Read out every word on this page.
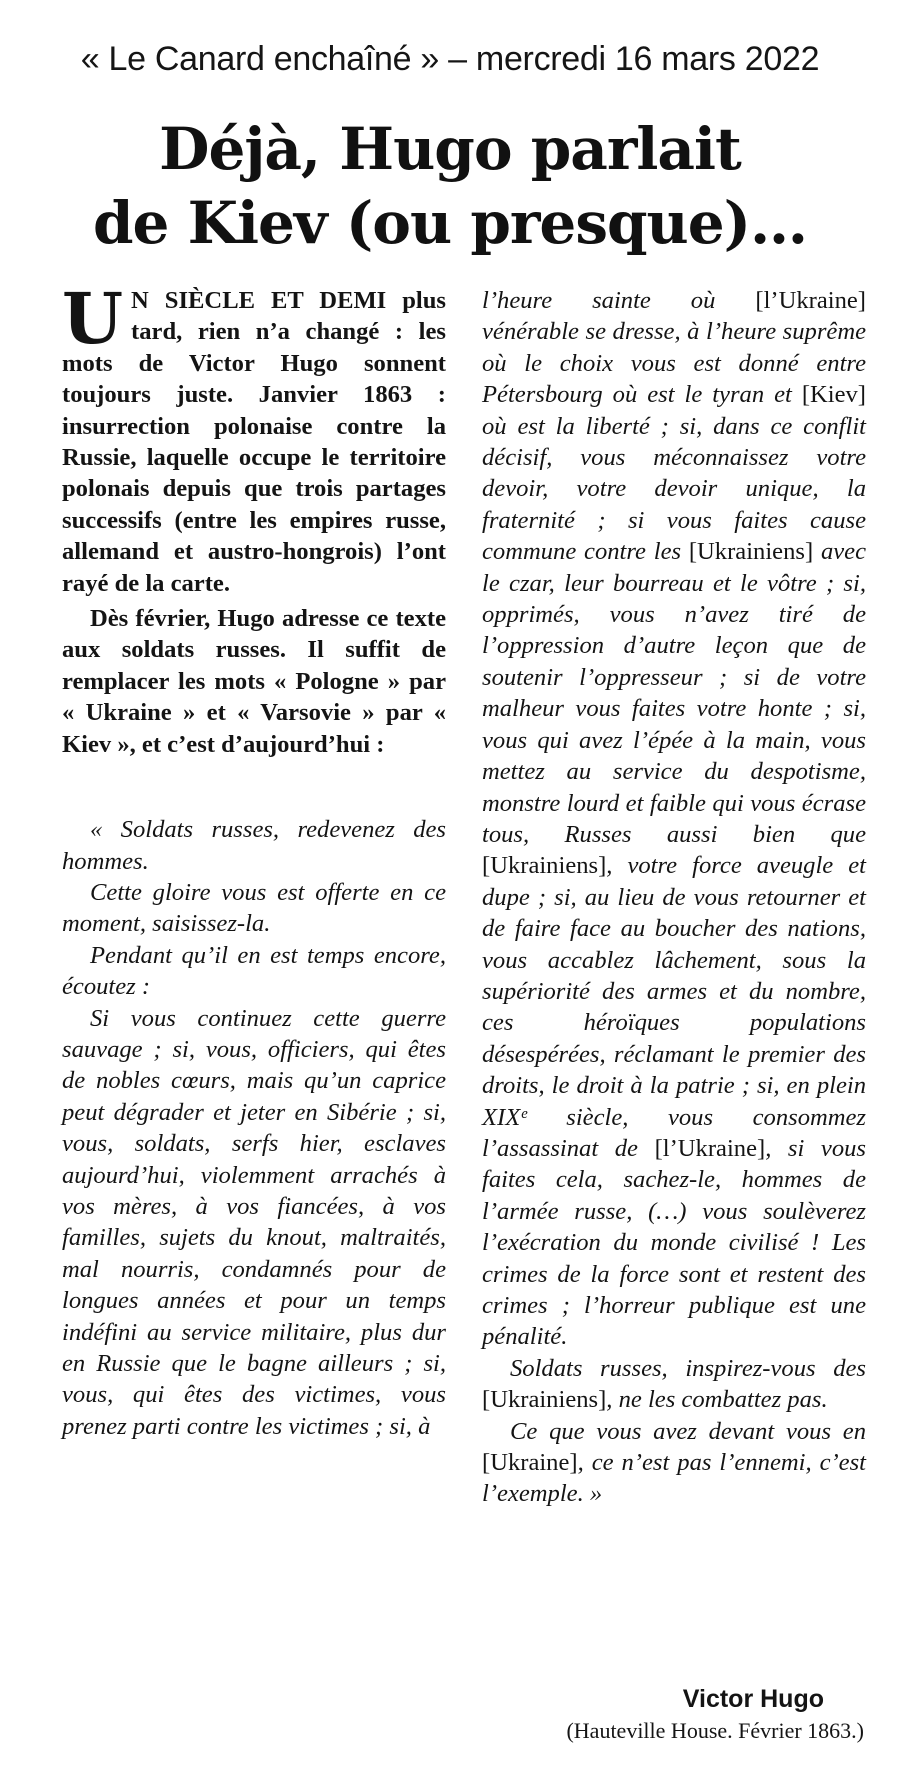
« Le Canard enchaîné » – mercredi 16 mars 2022
Déjà, Hugo parlait
de Kiev (ou presque)…

U N SIÈCLE ET DEMI plus tard, rien n’a changé : les mots de Victor Hugo sonnent toujours juste. Janvier 1863 : insurrection polonaise contre la Russie, laquelle occupe le territoire polonais depuis que trois partages successifs (entre les empires russe, allemand et austro-hongrois) l’ont rayé de la carte.

Dès février, Hugo adresse ce texte aux soldats russes. Il suffit de remplacer les mots « Pologne » par « Ukraine » et « Varsovie » par « Kiev », et c’est d’aujourd’hui :

« Soldats russes, redevenez des hommes.

Cette gloire vous est offerte en ce moment, saisissez-la.

Pendant qu’il en est temps encore, écoutez :

Si vous continuez cette guerre sauvage ; si, vous, officiers, qui êtes de nobles cœurs, mais qu’un caprice peut dégrader et jeter en Sibérie ; si, vous, soldats, serfs hier, esclaves aujourd’hui, violemment arrachés à vos mères, à vos fiancées, à vos familles, sujets du knout, maltraités, mal nourris, condamnés pour de longues années et pour un temps indéfini au service militaire, plus dur en Russie que le bagne ailleurs ; si, vous, qui êtes des victimes, vous prenez parti contre les victimes ; si, à

l’heure sainte où [l’Ukraine] vénérable se dresse, à l’heure suprême où le choix vous est donné entre Pétersbourg où est le tyran et [Kiev] où est la liberté ; si, dans ce conflit décisif, vous méconnaissez votre devoir, votre devoir unique, la fraternité ; si vous faites cause commune contre les [Ukrainiens] avec le czar, leur bourreau et le vôtre ; si, opprimés, vous n’avez tiré de l’oppression d’autre leçon que de soutenir l’oppresseur ; si de votre malheur vous faites votre honte ; si, vous qui avez l’épée à la main, vous mettez au service du despotisme, monstre lourd et faible qui vous écrase tous, Russes aussi bien que [Ukrainiens], votre force aveugle et dupe ; si, au lieu de vous retourner et de faire face au boucher des nations, vous accablez lâchement, sous la supériorité des armes et du nombre, ces héroïques populations désespérées, réclamant le premier des droits, le droit à la patrie ; si, en plein XIXᵉ siècle, vous consommez l’assassinat de [l’Ukraine], si vous faites cela, sachez-le, hommes de l’armée russe, (…) vous soulèverez l’exécration du monde civilisé ! Les crimes de la force sont et restent des crimes ; l’horreur publique est une pénalité.

Soldats russes, inspirez-vous des [Ukrainiens], ne les combattez pas.

Ce que vous avez devant vous en [Ukraine], ce n’est pas l’ennemi, c’est l’exemple. »

Victor Hugo
(Hauteville House. Février 1863.)
